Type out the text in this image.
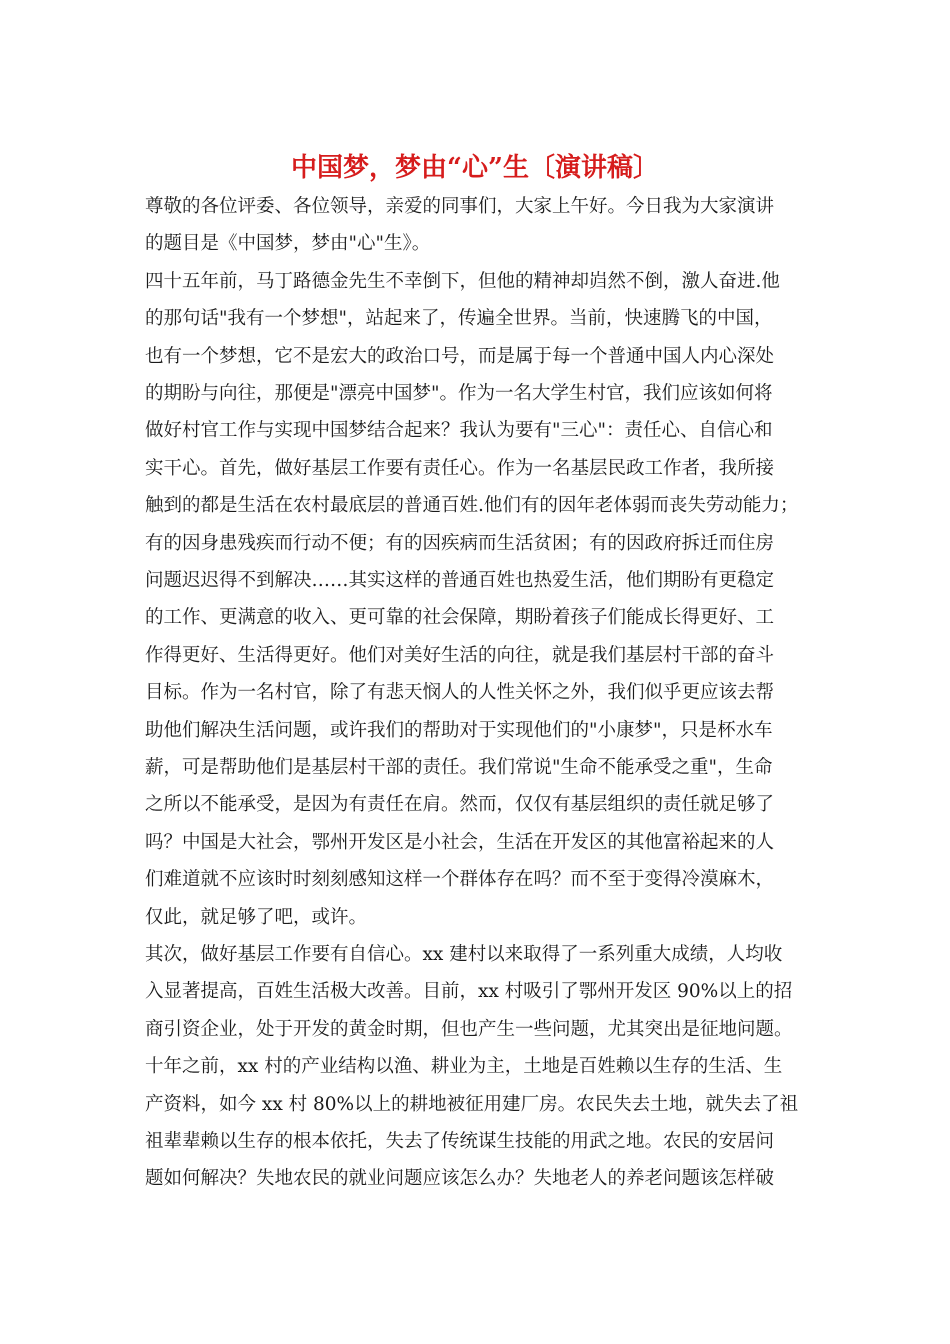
中国梦，梦由“心”生〔演讲稿〕
尊敬的各位评委、各位领导，亲爱的同事们，大家上午好。今日我为大家演讲
的题目是《中国梦，梦由"心"生》。
四十五年前，马丁路德金先生不幸倒下，但他的精神却岿然不倒，激人奋进.他
的那句话"我有一个梦想"，站起来了，传遍全世界。当前，快速腾飞的中国，
也有一个梦想，它不是宏大的政治口号，而是属于每一个普通中国人内心深处
的期盼与向往，那便是"漂亮中国梦"。作为一名大学生村官，我们应该如何将
做好村官工作与实现中国梦结合起来？我认为要有"三心"：责任心、自信心和
实干心。首先，做好基层工作要有责任心。作为一名基层民政工作者，我所接
触到的都是生活在农村最底层的普通百姓.他们有的因年老体弱而丧失劳动能力；
有的因身患残疾而行动不便；有的因疾病而生活贫困；有的因政府拆迁而住房
问题迟迟得不到解决……其实这样的普通百姓也热爱生活，他们期盼有更稳定
的工作、更满意的收入、更可靠的社会保障，期盼着孩子们能成长得更好、工
作得更好、生活得更好。他们对美好生活的向往，就是我们基层村干部的奋斗
目标。作为一名村官，除了有悲天悯人的人性关怀之外，我们似乎更应该去帮
助他们解决生活问题，或许我们的帮助对于实现他们的"小康梦"，只是杯水车
薪，可是帮助他们是基层村干部的责任。我们常说"生命不能承受之重"，生命
之所以不能承受，是因为有责任在肩。然而，仅仅有基层组织的责任就足够了
吗？中国是大社会，鄂州开发区是小社会，生活在开发区的其他富裕起来的人
们难道就不应该时时刻刻感知这样一个群体存在吗？而不至于变得冷漠麻木，
仅此，就足够了吧，或许。
其次，做好基层工作要有自信心。xx 建村以来取得了一系列重大成绩，人均收
入显著提高，百姓生活极大改善。目前，xx 村吸引了鄂州开发区 90%以上的招
商引资企业，处于开发的黄金时期，但也产生一些问题，尤其突出是征地问题。
十年之前，xx 村的产业结构以渔、耕业为主，土地是百姓赖以生存的生活、生
产资料，如今 xx 村 80%以上的耕地被征用建厂房。农民失去土地，就失去了祖
祖辈辈赖以生存的根本依托，失去了传统谋生技能的用武之地。农民的安居问
题如何解决？失地农民的就业问题应该怎么办？失地老人的养老问题该怎样破
